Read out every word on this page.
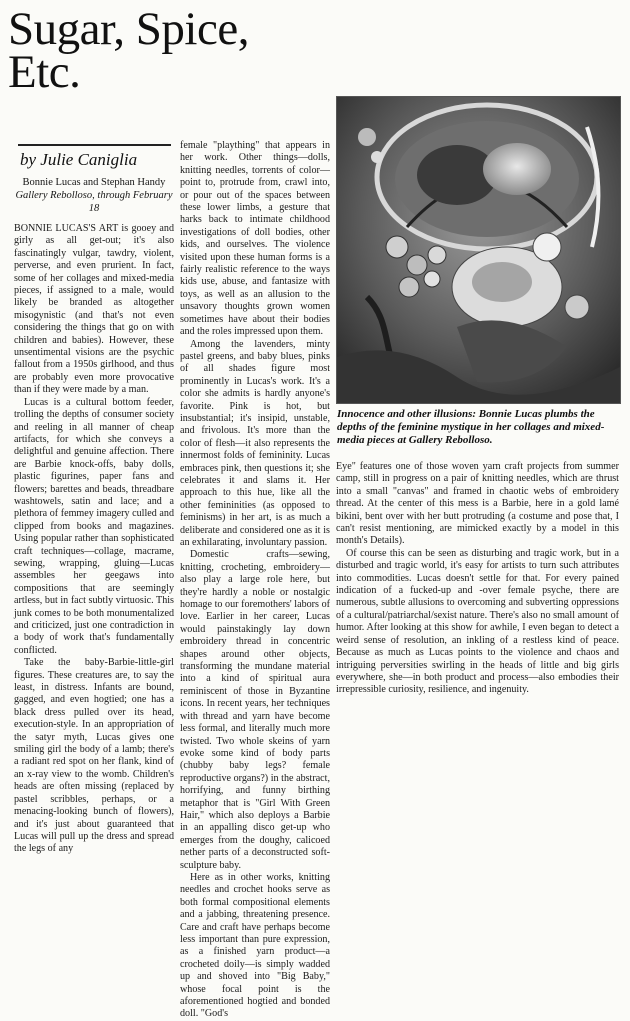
Sugar, Spice,
Etc.

by Julie Caniglia

Bonnie Lucas and Stephan Handy
Gallery Rebolloso, through February 18

BONNIE LUCAS'S ART is gooey and girly as all get-out; it's also fascinatingly vulgar, tawdry, violent, perverse, and even prurient. In fact, some of her collages and mixed-media pieces, if assigned to a male, would likely be branded as altogether misogynistic (and that's not even considering the things that go on with children and babies). However, these unsentimental visions are the psychic fallout from a 1950s girlhood, and thus are probably even more provocative than if they were made by a man.

Lucas is a cultural bottom feeder, trolling the depths of consumer society and reeling in all manner of cheap artifacts, for which she conveys a delightful and genuine affection. There are Barbie knock-offs, baby dolls, plastic figurines, paper fans and flowers; barettes and beads, threadbare washtowels, satin and lace; and a plethora of femmey imagery culled and clipped from books and magazines. Using popular rather than sophisticated craft techniques—collage, macrame, sewing, wrapping, gluing—Lucas assembles her geegaws into compositions that are seemingly artless, but in fact subtly virtuosic. This junk comes to be both monumentalized and criticized, just one contradiction in a body of work that's fundamentally conflicted.

Take the baby-Barbie-little-girl figures. These creatures are, to say the least, in distress. Infants are bound, gagged, and even hogtied; one has a black dress pulled over its head, execution-style. In an appropriation of the satyr myth, Lucas gives one smiling girl the body of a lamb; there's a radiant red spot on her flank, kind of an x-ray view to the womb. Children's heads are often missing (replaced by pastel scribbles, perhaps, or a menacing-looking bunch of flowers), and it's just about guaranteed that Lucas will pull up the dress and spread the legs of any

female "plaything" that appears in her work. Other things—dolls, knitting needles, torrents of color—point to, protrude from, crawl into, or pour out of the spaces between these lower limbs, a gesture that harks back to intimate childhood investigations of doll bodies, other kids, and ourselves. The violence visited upon these human forms is a fairly realistic reference to the ways kids use, abuse, and fantasize with toys, as well as an allusion to the unsavory thoughts grown women sometimes have about their bodies and the roles impressed upon them.

Among the lavenders, minty pastel greens, and baby blues, pinks of all shades figure most prominently in Lucas's work. It's a color she admits is hardly anyone's favorite. Pink is hot, but insubstantial; it's insipid, unstable, and frivolous. It's more than the color of flesh—it also represents the innermost folds of femininity. Lucas embraces pink, then questions it; she celebrates it and slams it. Her approach to this hue, like all the other femininities (as opposed to feminisms) in her art, is as much a deliberate and considered one as it is an exhilarating, involuntary passion.

Domestic crafts—sewing, knitting, crocheting, embroidery—also play a large role here, but they're hardly a noble or nostalgic homage to our foremothers' labors of love. Earlier in her career, Lucas would painstakingly lay down embroidery thread in concentric shapes around other objects, transforming the mundane material into a kind of spiritual aura reminiscent of those in Byzantine icons. In recent years, her techniques with thread and yarn have become less formal, and literally much more twisted. Two whole skeins of yarn evoke some kind of body parts (chubby baby legs? female reproductive organs?) in the abstract, horrifying, and funny birthing metaphor that is "Girl With Green Hair," which also deploys a Barbie in an appalling disco get-up who emerges from the doughy, calicoed nether parts of a deconstructed soft-sculpture baby.

Here as in other works, knitting needles and crochet hooks serve as both formal compositional elements and a jabbing, threatening presence. Care and craft have perhaps become less important than pure expression, as a finished yarn product—a crocheted doily—is simply wadded up and shoved into "Big Baby," whose focal point is the aforementioned hogtied and bonded doll. "God's

Innocence and other illusions: Bonnie Lucas plumbs the depths of the feminine mystique in her collages and mixed-media pieces at Gallery Rebolloso.

Eye" features one of those woven yarn craft projects from summer camp, still in progress on a pair of knitting needles, which are thrust into a small "canvas" and framed in chaotic webs of embroidery thread. At the center of this mess is a Barbie, here in a gold lamé bikini, bent over with her butt protruding (a costume and pose that, I can't resist mentioning, are mimicked exactly by a model in this month's Details).

Of course this can be seen as disturbing and tragic work, but in a disturbed and tragic world, it's easy for artists to turn such attributes into commodities. Lucas doesn't settle for that. For every pained indication of a fucked-up and -over female psyche, there are numerous, subtle allusions to overcoming and subverting oppressions of a cultural/patriarchal/sexist nature. There's also no small amount of humor. After looking at this show for awhile, I even began to detect a weird sense of resolution, an inkling of a restless kind of peace. Because as much as Lucas points to the violence and chaos and intriguing perversities swirling in the heads of little and big girls everywhere, she—in both product and process—also embodies their irrepressible curiosity, resilience, and ingenuity.
